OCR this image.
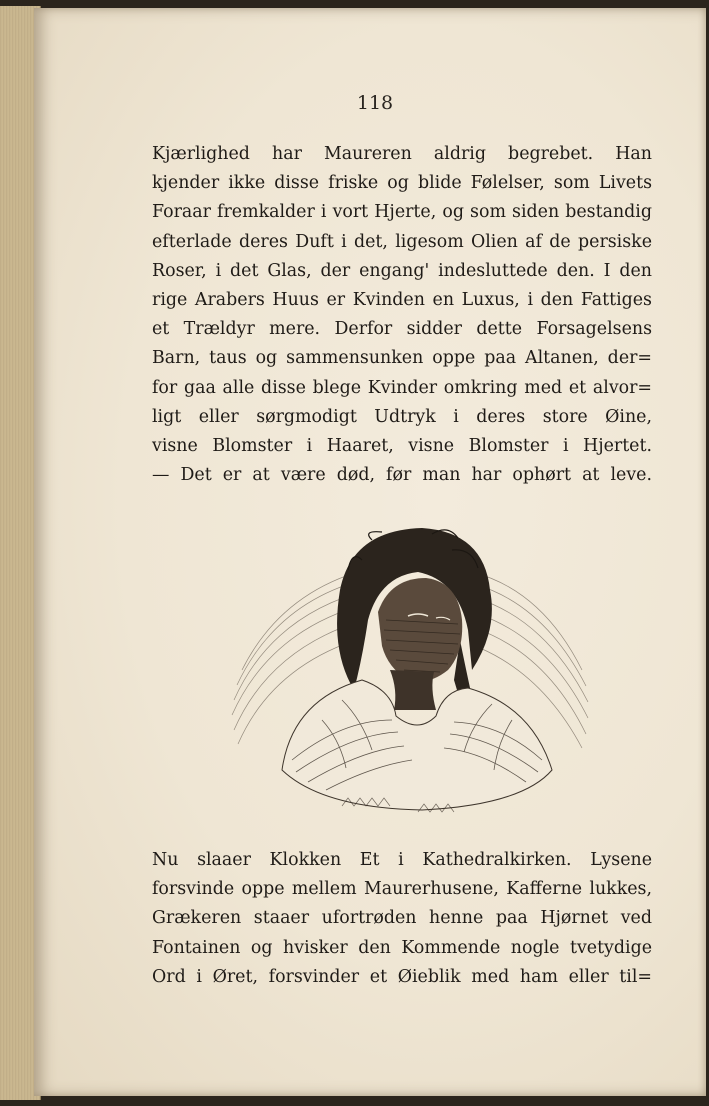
118
Kjærlighed har Maureren aldrig begrebet. Han
kjender ikke disse friske og blide Følelser, som Livets
Foraar fremkalder i vort Hjerte, og som siden bestandig
efterlade deres Duft i det, ligesom Olien af de persiske
Roser, i det Glas, der engang' indesluttede den. I den
rige Arabers Huus er Kvinden en Luxus, i den Fattiges
et Trældyr mere. Derfor sidder dette Forsagelsens
Barn, taus og sammensunken oppe paa Altanen, der=
for gaa alle disse blege Kvinder omkring med et alvor=
ligt eller sørgmodigt Udtryk i deres store Øine,
visne Blomster i Haaret, visne Blomster i Hjertet.
— Det er at være død, før man har ophørt at leve.
Nu slaaer Klokken Et i Kathedralkirken. Lysene
forsvinde oppe mellem Maurerhusene, Kafferne lukkes,
Grækeren staaer ufortrøden henne paa Hjørnet ved
Fontainen og hvisker den Kommende nogle tvetydige
Ord i Øret, forsvinder et Øieblik med ham eller til=
